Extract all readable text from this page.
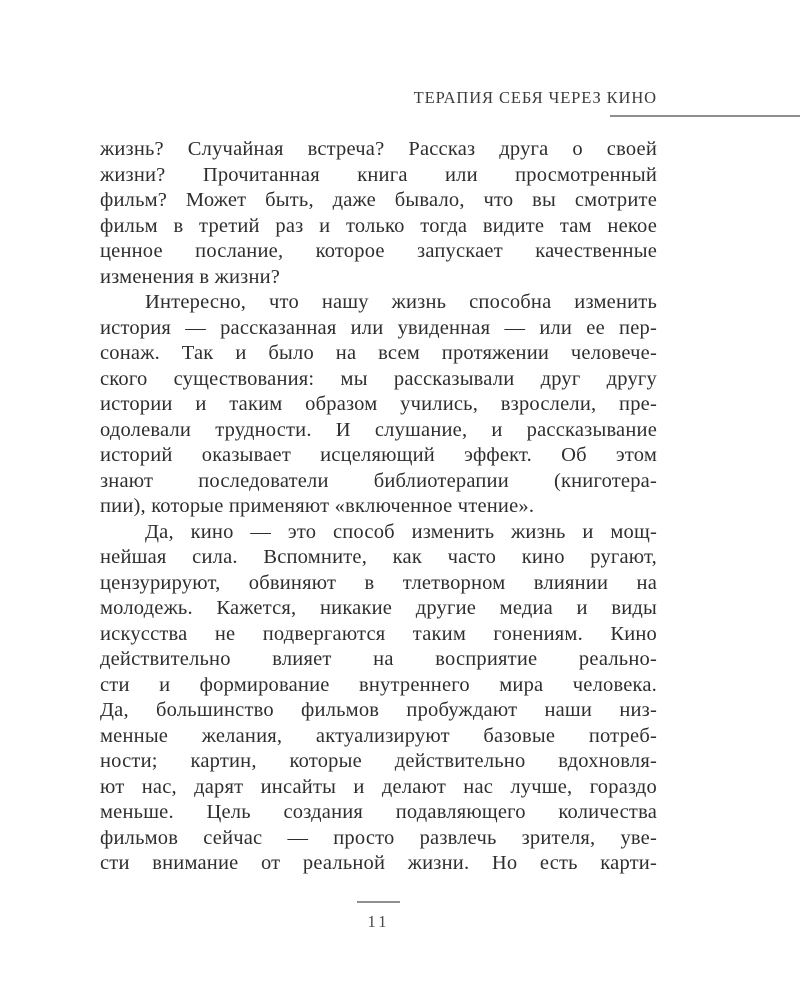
ТЕРАПИЯ СЕБЯ ЧЕРЕЗ КИНО
жизнь? Случайная встреча? Рассказ друга о своей
жизни? Прочитанная книга или просмотренный
фильм? Может быть, даже бывало, что вы смотрите
фильм в третий раз и только тогда видите там некое
ценное послание, которое запускает качественные
изменения в жизни?
Интересно, что нашу жизнь способна изменить
история — рассказанная или увиденная — или ее пер-
сонаж. Так и было на всем протяжении человече-
ского существования: мы рассказывали друг другу
истории и таким образом учились, взрослели, пре-
одолевали трудности. И слушание, и рассказывание
историй оказывает исцеляющий эффект. Об этом
знают последователи библиотерапии (книготера-
пии), которые применяют «включенное чтение».
Да, кино — это способ изменить жизнь и мощ-
нейшая сила. Вспомните, как часто кино ругают,
цензурируют, обвиняют в тлетворном влиянии на
молодежь. Кажется, никакие другие медиа и виды
искусства не подвергаются таким гонениям. Кино
действительно влияет на восприятие реально-
сти и формирование внутреннего мира человека.
Да, большинство фильмов пробуждают наши низ-
менные желания, актуализируют базовые потреб-
ности; картин, которые действительно вдохновля-
ют нас, дарят инсайты и делают нас лучше, гораздо
меньше. Цель создания подавляющего количества
фильмов сейчас — просто развлечь зрителя, уве-
сти внимание от реальной жизни. Но есть карти-
11
